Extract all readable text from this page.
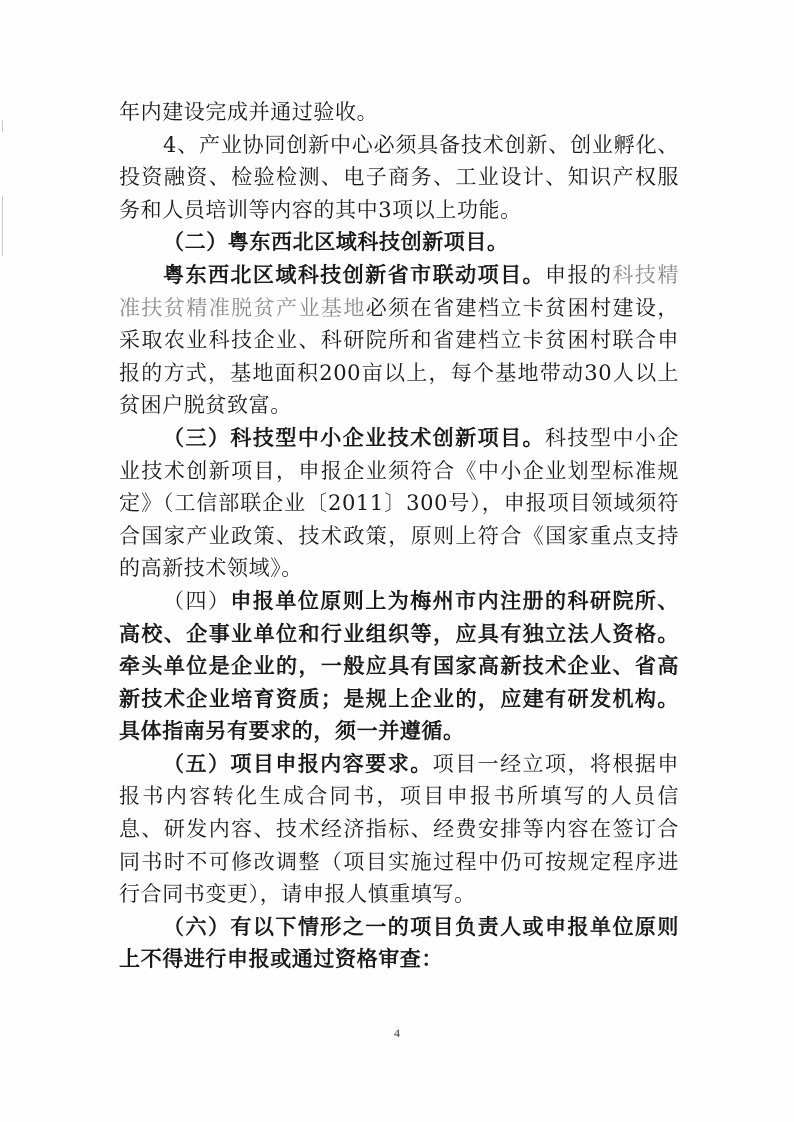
年内建设完成并通过验收。

4、产业协同创新中心必须具备技术创新、创业孵化、投资融资、检验检测、电子商务、工业设计、知识产权服务和人员培训等内容的其中3项以上功能。

（二）粤东西北区域科技创新项目。

粤东西北区域科技创新省市联动项目。申报的科技精准扶贫精准脱贫产业基地必须在省建档立卡贫困村建设，采取农业科技企业、科研院所和省建档立卡贫困村联合申报的方式，基地面积200亩以上，每个基地带动30人以上贫困户脱贫致富。

（三）科技型中小企业技术创新项目。科技型中小企业技术创新项目，申报企业须符合《中小企业划型标准规定》（工信部联企业〔2011〕300号），申报项目领域须符合国家产业政策、技术政策，原则上符合《国家重点支持的高新技术领域》。

（四）申报单位原则上为梅州市内注册的科研院所、高校、企事业单位和行业组织等，应具有独立法人资格。牵头单位是企业的，一般应具有国家高新技术企业、省高新技术企业培育资质；是规上企业的，应建有研发机构。具体指南另有要求的，须一并遵循。

（五）项目申报内容要求。项目一经立项，将根据申报书内容转化生成合同书，项目申报书所填写的人员信息、研发内容、技术经济指标、经费安排等内容在签订合同书时不可修改调整（项目实施过程中仍可按规定程序进行合同书变更），请申报人慎重填写。

（六）有以下情形之一的项目负责人或申报单位原则上不得进行申报或通过资格审查：

4
